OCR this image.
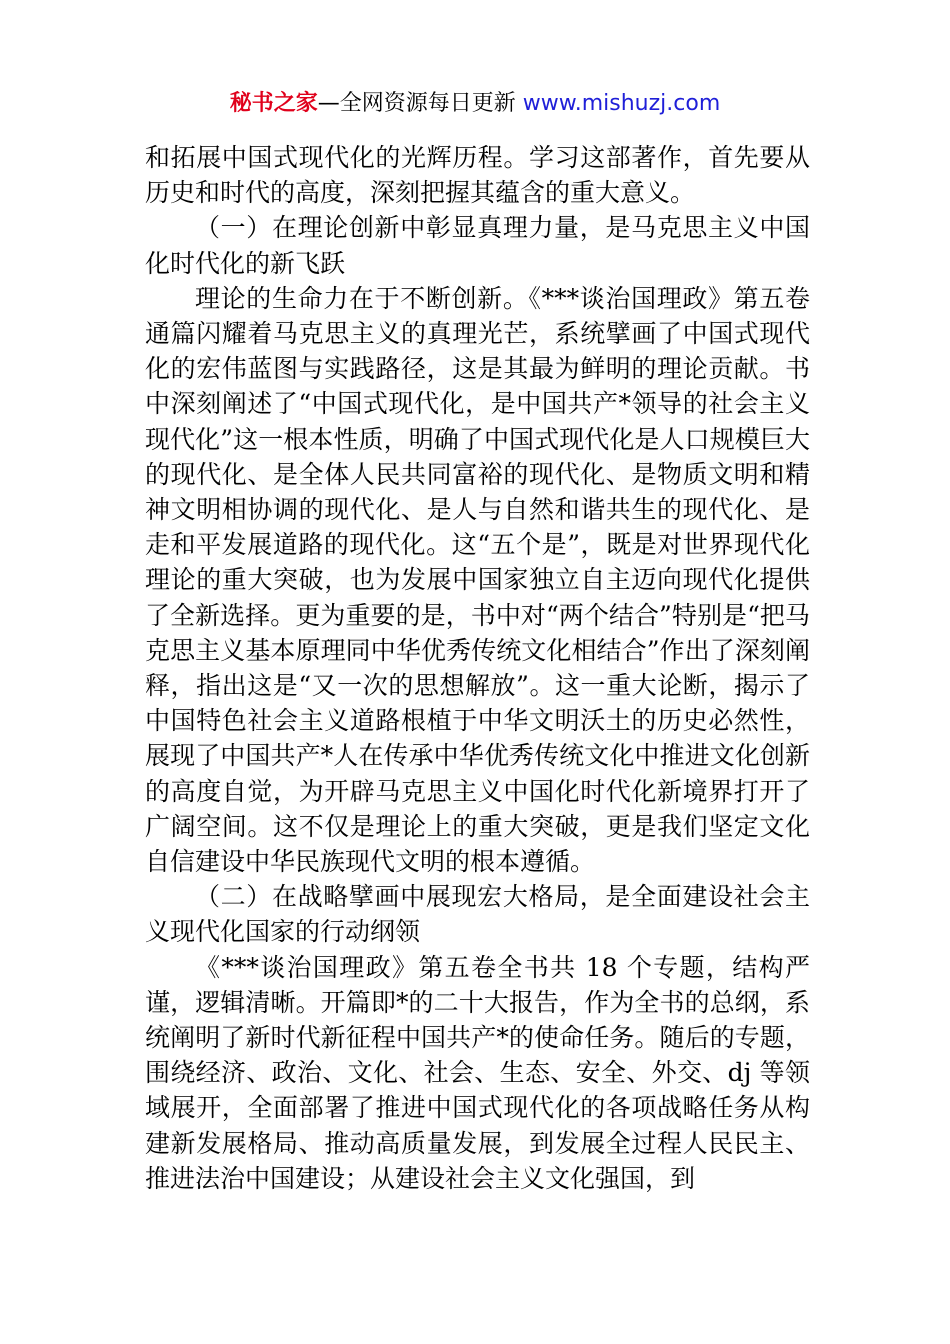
秘书之家—全网资源每日更新 www.mishuzj.com

和拓展中国式现代化的光辉历程。学习这部著作，首先要从历史和时代的高度，深刻把握其蕴含的重大意义。

（一）在理论创新中彰显真理力量，是马克思主义中国化时代化的新飞跃

理论的生命力在于不断创新。《***谈治国理政》第五卷通篇闪耀着马克思主义的真理光芒，系统擘画了中国式现代化的宏伟蓝图与实践路径，这是其最为鲜明的理论贡献。书中深刻阐述了“中国式现代化，是中国共产*领导的社会主义现代化”这一根本性质，明确了中国式现代化是人口规模巨大的现代化、是全体人民共同富裕的现代化、是物质文明和精神文明相协调的现代化、是人与自然和谐共生的现代化、是走和平发展道路的现代化。这“五个是”，既是对世界现代化理论的重大突破，也为发展中国家独立自主迈向现代化提供了全新选择。更为重要的是，书中对“两个结合”特别是“把马克思主义基本原理同中华优秀传统文化相结合”作出了深刻阐释，指出这是“又一次的思想解放”。这一重大论断，揭示了中国特色社会主义道路根植于中华文明沃土的历史必然性，展现了中国共产*人在传承中华优秀传统文化中推进文化创新的高度自觉，为开辟马克思主义中国化时代化新境界打开了广阔空间。这不仅是理论上的重大突破，更是我们坚定文化自信建设中华民族现代文明的根本遵循。

（二）在战略擘画中展现宏大格局，是全面建设社会主义现代化国家的行动纲领

《***谈治国理政》第五卷全书共 18 个专题，结构严谨，逻辑清晰。开篇即*的二十大报告，作为全书的总纲，系统阐明了新时代新征程中国共产*的使命任务。随后的专题，围绕经济、政治、文化、社会、生态、安全、外交、dj 等领域展开，全面部署了推进中国式现代化的各项战略任务从构建新发展格局、推动高质量发展，到发展全过程人民民主、推进法治中国建设；从建设社会主义文化强国，到
